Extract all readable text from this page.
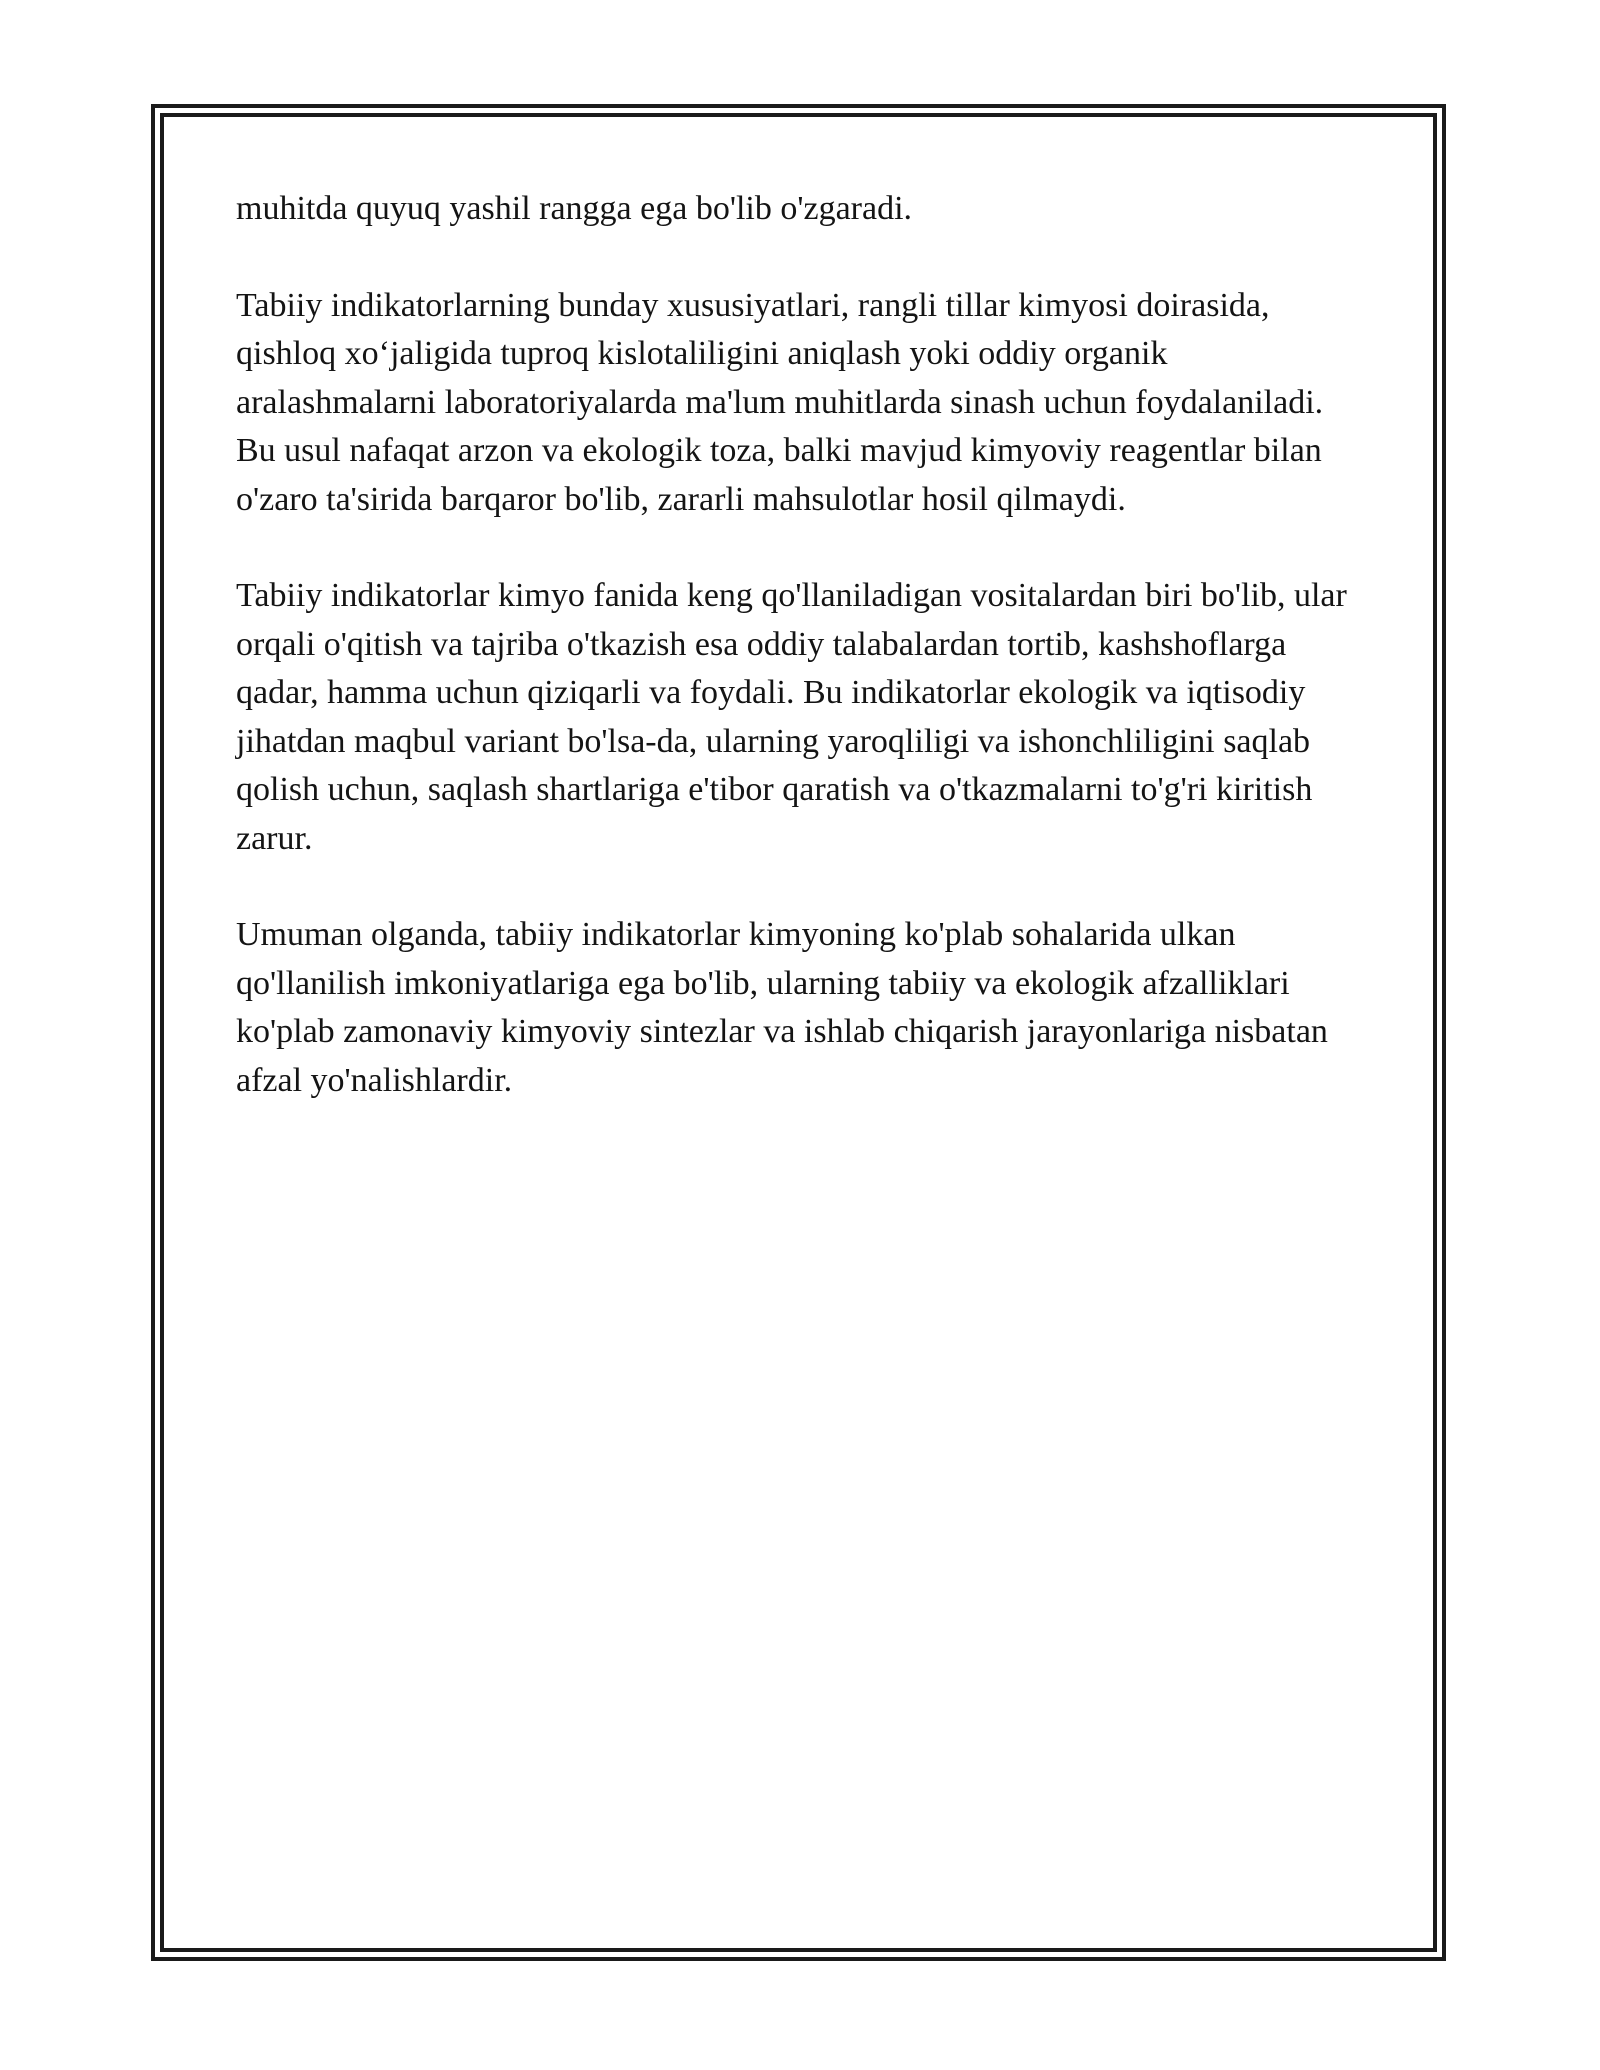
muhitda quyuq yashil rangga ega bo'lib o'zgaradi.

Tabiiy indikatorlarning bunday xususiyatlari, rangli tillar kimyosi doirasida, qishloq xo‘jaligida tuproq kislotaliligini aniqlash yoki oddiy organik aralashmalarni laboratoriyalarda ma'lum muhitlarda sinash uchun foydalaniladi. Bu usul nafaqat arzon va ekologik toza, balki mavjud kimyoviy reagentlar bilan o'zaro ta'sirida barqaror bo'lib, zararli mahsulotlar hosil qilmaydi.

Tabiiy indikatorlar kimyo fanida keng qo'llaniladigan vositalardan biri bo'lib, ular orqali o'qitish va tajriba o'tkazish esa oddiy talabalardan tortib, kashshoflarga qadar, hamma uchun qiziqarli va foydali. Bu indikatorlar ekologik va iqtisodiy jihatdan maqbul variant bo'lsa-da, ularning yaroqliligi va ishonchliligini saqlab qolish uchun, saqlash shartlariga e'tibor qaratish va o'tkazmalarni to'g'ri kiritish zarur.

Umuman olganda, tabiiy indikatorlar kimyoning ko'plab sohalarida ulkan qo'llanilish imkoniyatlariga ega bo'lib, ularning tabiiy va ekologik afzalliklari ko'plab zamonaviy kimyoviy sintezlar va ishlab chiqarish jarayonlariga nisbatan afzal yo'nalishlardir.
